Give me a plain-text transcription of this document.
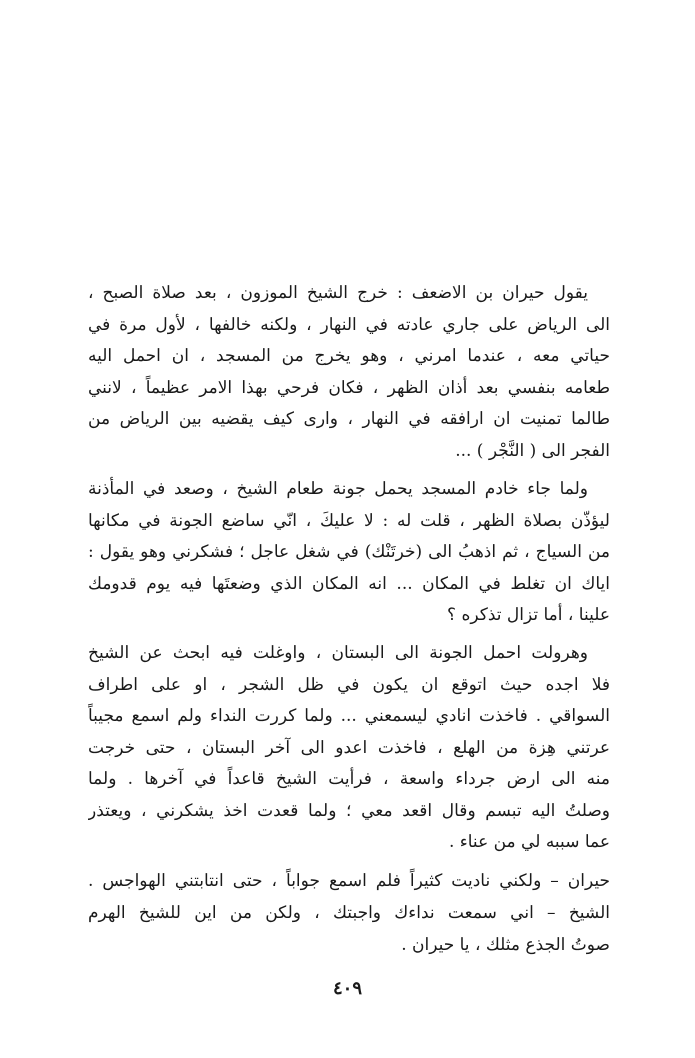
يقول حيران بن الاضعف : خرج الشيخ الموزون ، بعد صلاة الصبح ،
الى الرياض على جاري عادته في النهار ، ولكنه خالفها ، لأول مرة في
حياتي معه ، عندما امرني ، وهو يخرج من المسجد ، ان احمل اليه
طعامه بنفسي بعد أذان الظهر ، فكان فرحي بهذا الامر عظيماً ، لانني
طالما تمنيت ان ارافقه في النهار ، وارى كيف يقضيه بين الرياض من
الفجر الى ( النَّجْر ) ...
ولما جاء خادم المسجد يحمل جونة طعام الشيخ ، وصعد في المأذنة
ليؤذّن بصلاة الظهر ، قلت له : لا عليكَ ، انّي ساضع الجونة في مكانها
من السياج ، ثم اذهبُ الى (خرتَنْك) في شغل عاجل ؛ فشكرني وهو يقول :
اياك ان تغلط في المكان ... انه المكان الذي وضعتَها فيه يوم قدومك
علينا ، أما تزال تذكره ؟
وهرولت احمل الجونة الى البستان ، واوغلت فيه ابحث عن الشيخ
فلا اجده حيث اتوقع ان يكون في ظل الشجر ، او على اطراف
السواقي . فاخذت انادي ليسمعني ... ولما كررت النداء ولم اسمع مجيباً
عرتني هِزة من الهلع ، فاخذت اعدو الى آخر البستان ، حتى خرجت
منه الى ارض جرداء واسعة ، فرأيت الشيخ قاعداً في آخرها . ولما
وصلتُ اليه تبسم وقال اقعد معي ؛ ولما قعدت اخذ يشكرني ، ويعتذر
عما سببه لي من عناء .
حيران – ولكني ناديت كثيراً فلم اسمع جواباً ، حتى انتابتني الهواجس .
الشيخ – اني سمعت نداءك واجبتك ، ولكن من اين للشيخ الهرم
صوتُ الجذع مثلك ، يا حيران .
٤٠٩
